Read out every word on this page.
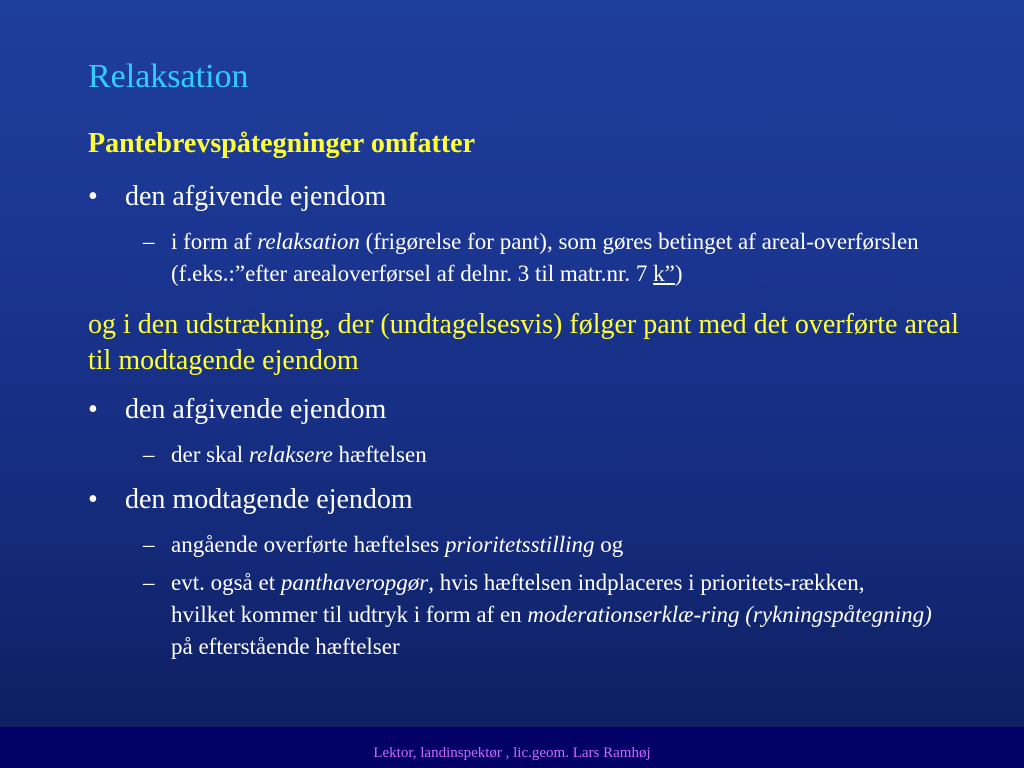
Relaksation
Pantebrevspåtegninger omfatter
• den afgivende ejendom
– i form af relaksation (frigørelse for pant), som gøres betinget af areal-overførslen (f.eks.:”efter arealoverførsel af delnr. 3 til matr.nr. 7 k”)
og i den udstrækning, der (undtagelsesvis) følger pant med det overførte areal til modtagende ejendom
• den afgivende ejendom
– der skal relaksere hæftelsen
• den modtagende ejendom
– angående overførte hæftelses prioritetsstilling og
– evt. også et panthaveropgør, hvis hæftelsen indplaceres i prioritets-rækken, hvilket kommer til udtryk i form af en moderationserklæ-ring (rykningspåtegning) på efterstående hæftelser
Lektor, landinspektør , lic.geom. Lars Ramhøj
